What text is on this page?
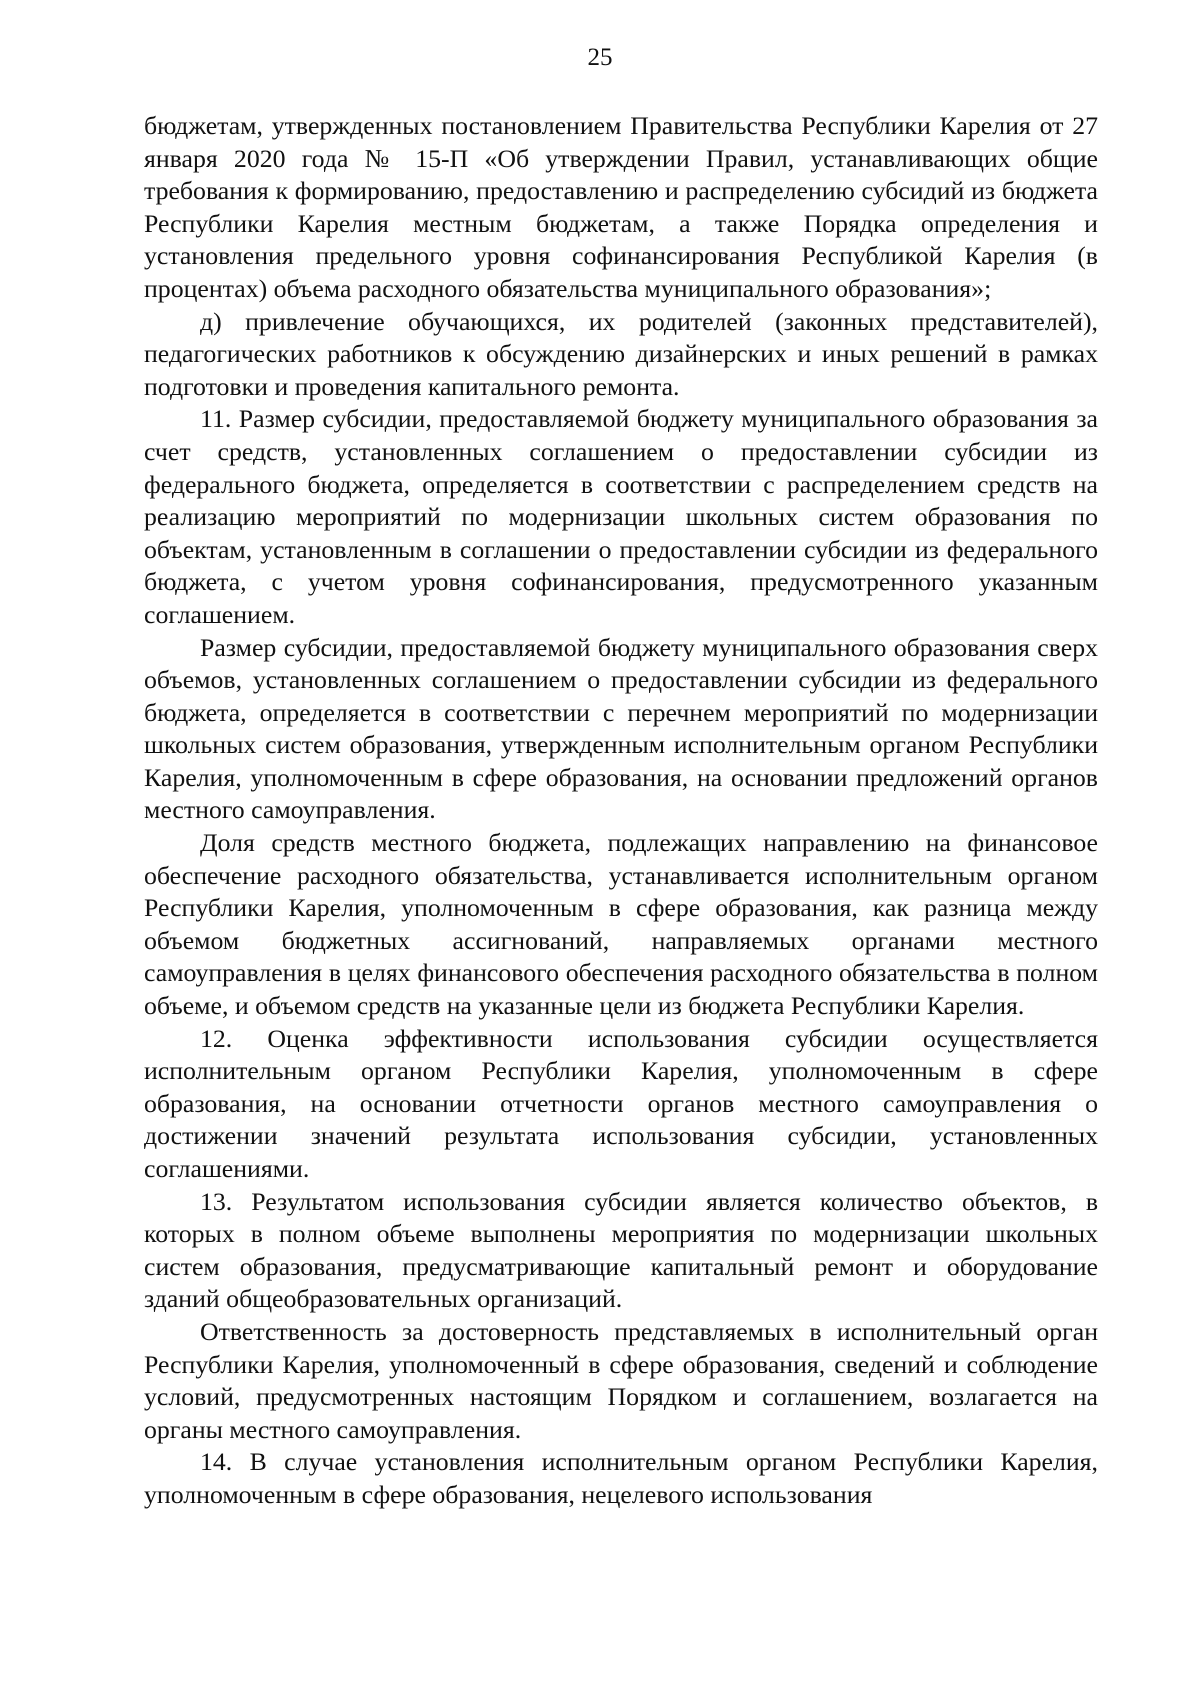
25

бюджетам, утвержденных постановлением Правительства Республики Карелия от 27 января 2020 года № 15-П «Об утверждении Правил, устанавливающих общие требования к формированию, предоставлению и распределению субсидий из бюджета Республики Карелия местным бюджетам, а также Порядка определения и установления предельного уровня софинансирования Республикой Карелия (в процентах) объема расходного обязательства муниципального образования»;

д) привлечение обучающихся, их родителей (законных представителей), педагогических работников к обсуждению дизайнерских и иных решений в рамках подготовки и проведения капитального ремонта.

11. Размер субсидии, предоставляемой бюджету муниципального образования за счет средств, установленных соглашением о предоставлении субсидии из федерального бюджета, определяется в соответствии с распределением средств на реализацию мероприятий по модернизации школьных систем образования по объектам, установленным в соглашении о предоставлении субсидии из федерального бюджета, с учетом уровня софинансирования, предусмотренного указанным соглашением.

Размер субсидии, предоставляемой бюджету муниципального образования сверх объемов, установленных соглашением о предоставлении субсидии из федерального бюджета, определяется в соответствии с перечнем мероприятий по модернизации школьных систем образования, утвержденным исполнительным органом Республики Карелия, уполномоченным в сфере образования, на основании предложений органов местного самоуправления.

Доля средств местного бюджета, подлежащих направлению на финансовое обеспечение расходного обязательства, устанавливается исполнительным органом Республики Карелия, уполномоченным в сфере образования, как разница между объемом бюджетных ассигнований, направляемых органами местного самоуправления в целях финансового обеспечения расходного обязательства в полном объеме, и объемом средств на указанные цели из бюджета Республики Карелия.

12. Оценка эффективности использования субсидии осуществляется исполнительным органом Республики Карелия, уполномоченным в сфере образования, на основании отчетности органов местного самоуправления о достижении значений результата использования субсидии, установленных соглашениями.

13. Результатом использования субсидии является количество объектов, в которых в полном объеме выполнены мероприятия по модернизации школьных систем образования, предусматривающие капитальный ремонт и оборудование зданий общеобразовательных организаций.

Ответственность за достоверность представляемых в исполнительный орган Республики Карелия, уполномоченный в сфере образования, сведений и соблюдение условий, предусмотренных настоящим Порядком и соглашением, возлагается на органы местного самоуправления.

14. В случае установления исполнительным органом Республики Карелия, уполномоченным в сфере образования, нецелевого использования
